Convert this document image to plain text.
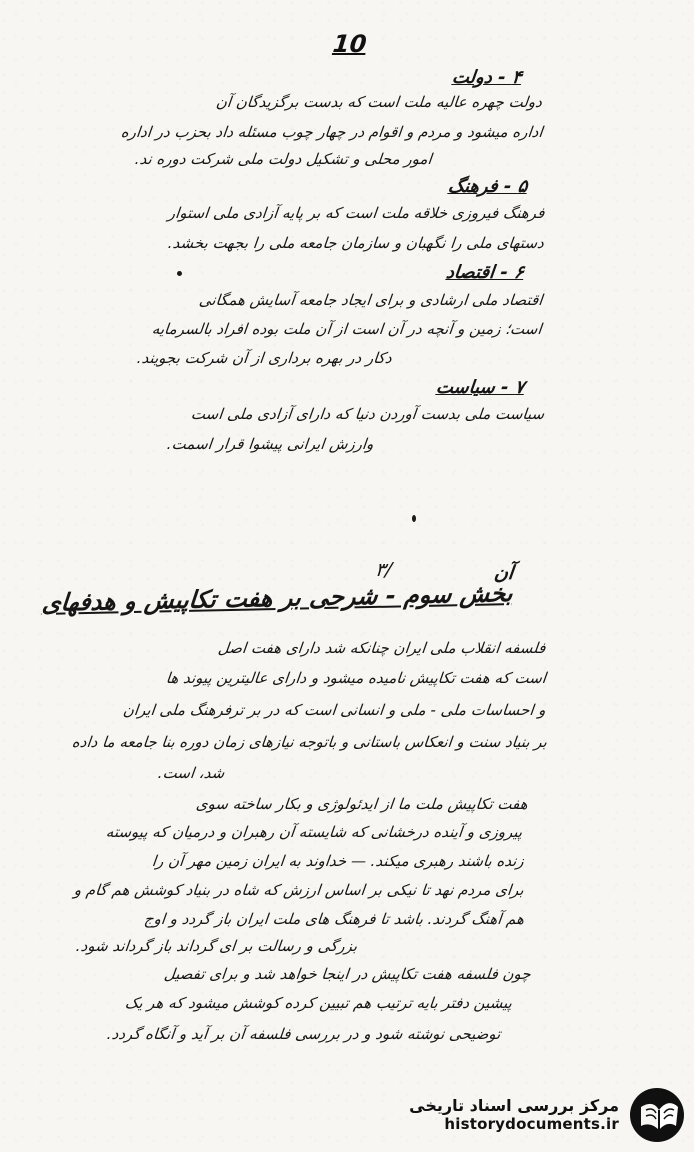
10
۴ - دولت
دولت چهره عالیه ملت است که بدست برگزیدگان آن
اداره میشود و مردم و اقوام در چهار چوب مسئله داد بحزب در اداره
امور محلی و تشکیل دولت ملی شرکت دوره ند.
۵ - فرهنگ
فرهنگ فیروزی خلاقه ملت است که بر پایه آزادی ملی استوار
دستهای ملی را نگهبان و سازمان جامعه ملی را بجهت بخشد.
۶ - اقتصاد
اقتصاد ملی ارشادی و برای ایجاد جامعه آسایش همگانی
است؛ زمین و آنچه در آن است از آن ملت بوده افراد بالسرمایه
دکار در بهره برداری از آن شرکت بجویند.
۷ - سیاست
سیاست ملی بدست آوردن دنیا که دارای آزادی ملی است
وارزش ایرانی پیشوا قرار اسمت.
۳/	آن
بخش سوم - شرحی بر هفت تکاپیش و هدفهای
فلسفه انقلاب ملی ایران چنانکه شد دارای هفت اصل
است که هفت تکاپیش نامیده میشود و دارای عالیترین پیوند ها
و احساسات ملی - ملی و انسانی است که در بر ترفرهنگ ملی ایران
بر بنیاد سنت و انعکاس باستانی و باتوجه نیازهای زمان دوره بنا جامعه ما داده
شد، است.
هفت تکاپیش ملت ما از ایدئولوژی و بکار ساخته سوی
پیروزی و آینده درخشانی که شایسته آن رهبران و درمیان که پیوسته
زنده باشند رهبری میکند. — خداوند به ایران زمین مهر آن را
برای مردم نهد تا نیکی بر اساس ارزش که شاه در بنیاد کوشش هم گام و
هم آهنگ گردند. باشد تا فرهنگ های ملت ایران باز گردد و اوج
بزرگی و رسالت بر ای گرداند باز گرداند شود.
چون فلسفه هفت تکاپیش در اینجا خواهد شد و برای تفصیل
پیشین دفتر بایه ترتیب هم تبیین کرده کوشش میشود که هر یک
توضیحی نوشته شود و در بررسی فلسفه آن بر آید و آنگاه گردد.
مرکز بررسی اسناد تاریخی
historydocuments.ir
